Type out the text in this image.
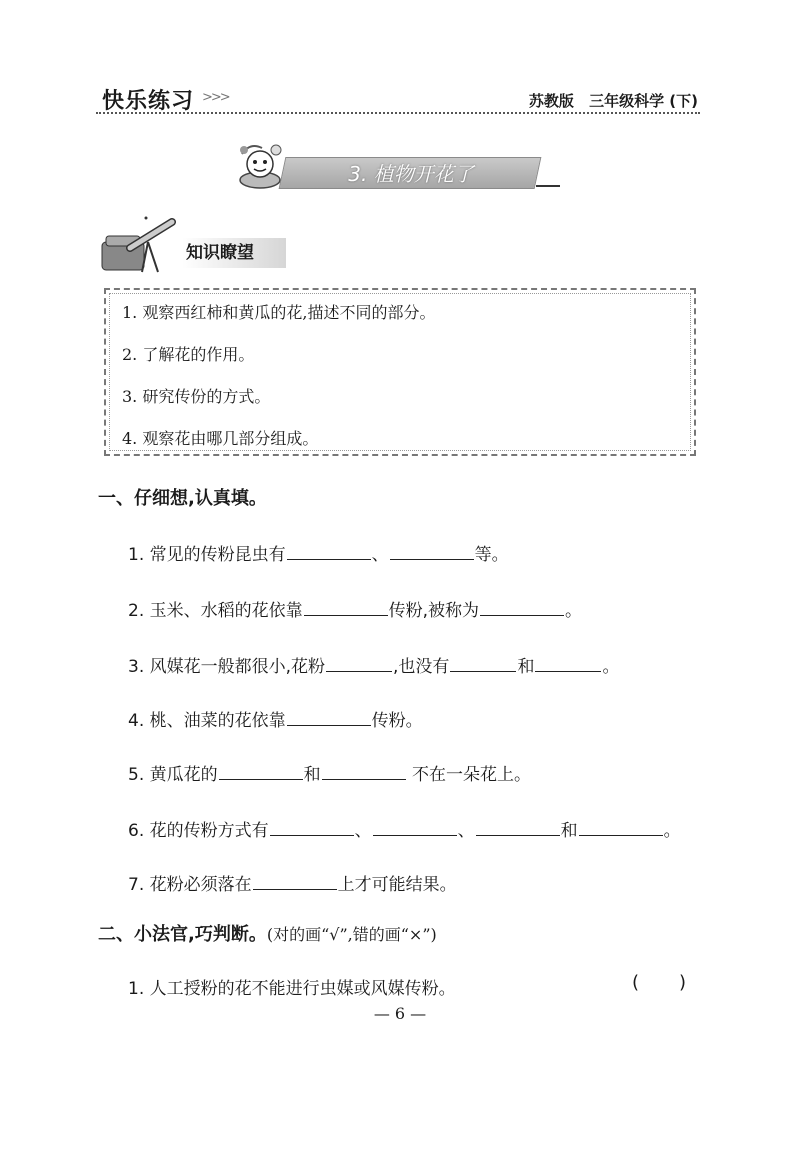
快乐练习 >>>	苏教版 三年级科学 (下)
3. 植物开花了
知识瞭望
1. 观察西红柿和黄瓜的花,描述不同的部分。
2. 了解花的作用。
3. 研究传份的方式。
4. 观察花由哪几部分组成。
一、仔细想,认真填。
1. 常见的传粉昆虫有	、	等。
2. 玉米、水稻的花依靠	传粉,被称为	。
3. 风媒花一般都很小,花粉	,也没有	和	。
4. 桃、油菜的花依靠	传粉。
5. 黄瓜花的	和	不在一朵花上。
6. 花的传粉方式有	、	、	和	。
7. 花粉必须落在	上才可能结果。
二、小法官,巧判断。(对的画“√”,错的画“×”)
1. 人工授粉的花不能进行虫媒或风媒传粉。	()
— 6 —
